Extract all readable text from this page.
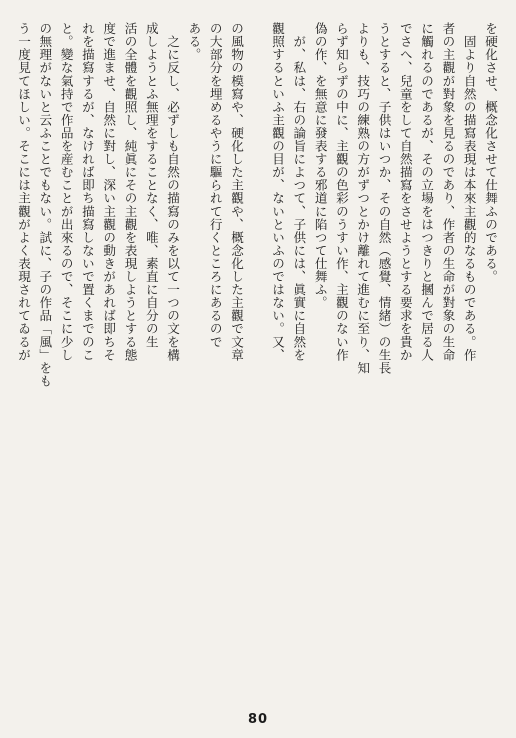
を硬化させ、概念化させて仕舞ふのである。

　固より自然の描寫表現は本來主觀的なるものである。作

者の主觀が對象を見るのであり、作者の生命が對象の生命

に觸れるのであるが、その立場をはつきりと摑んで居る人

でさへ、兒童をして自然描寫をさせようとする要求を貴か

うとすると、子供はいつか、その自然（感覺、情緒）の生長

よりも、技巧の練熟の方がずつとかけ離れて進むに至り、知

らず知らずの中に、主觀の色彩のうすい作、主觀のない作

偽の作、を無意に發表する邪道に陷つて仕舞ふ。

　が、私は、右の論旨によつて、子供には、眞實に自然を

觀照するといふ主觀の目が、ないといふのではない。又、

の風物の模寫や、硬化した主觀や、概念化した主觀で文章

の大部分を埋めるやうに驅られて行くところにあるので

ある。

　之に反し、必ずしも自然の描寫のみを以て一つの文を構

成しようとふ無理をすることなく、唯、素直に自分の生

活の全體を觀照し、純眞にその主觀を表現しようとする態

度で進ませ、自然に對し、深い主觀の動きがあれば即ちそ

れを描寫するが、なければ即ち描寫しないで置くまでのこ

と。變な氣持で作品を産むことが出來るので、そこに少し

の無理がないと云ふことでもない。試に、子の作品「風」をも

う一度見てほしい。そこには主觀がよく表現されてゐるが

80
